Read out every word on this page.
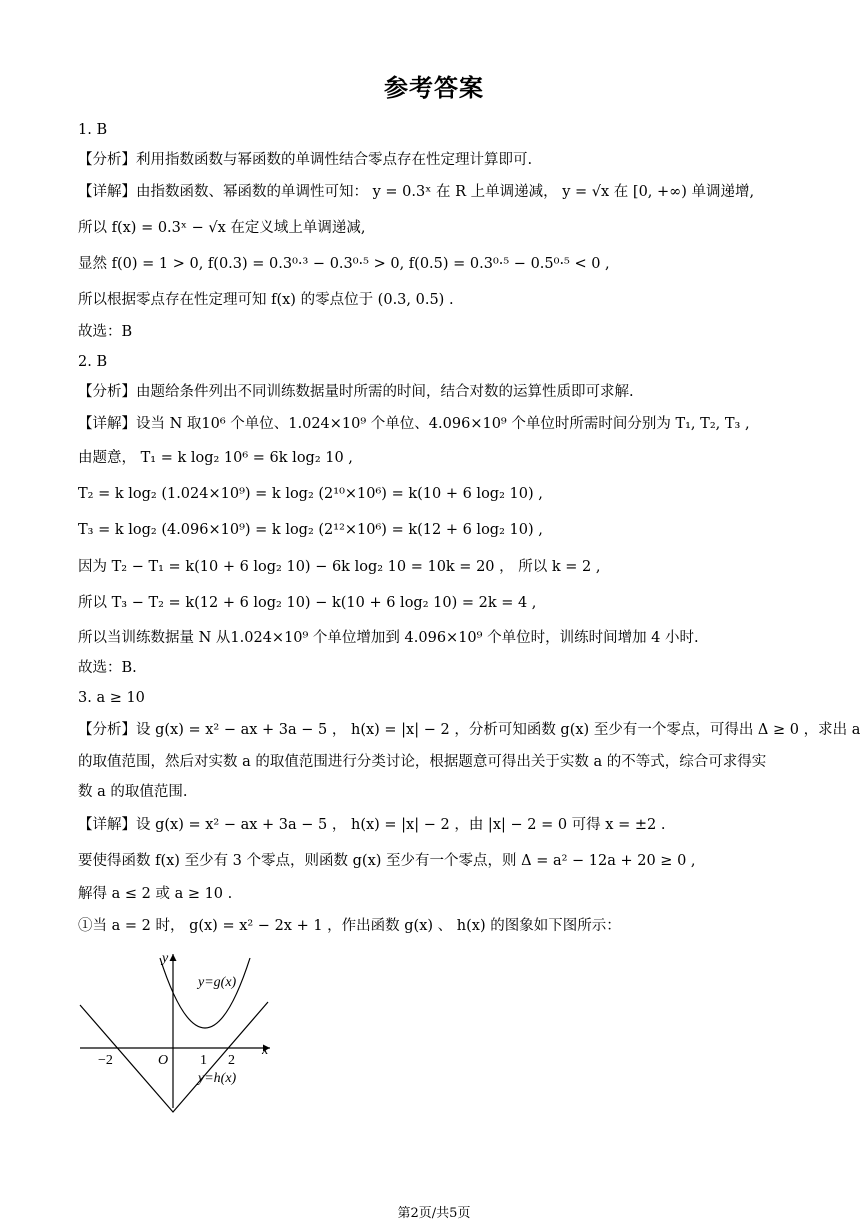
参考答案
1. B
【分析】利用指数函数与幂函数的单调性结合零点存在性定理计算即可.
【详解】由指数函数、幂函数的单调性可知： y = 0.3ˣ 在 R 上单调递减， y = √x 在 [0, +∞) 单调递增,
所以 f(x) = 0.3ˣ − √x 在定义域上单调递减,
显然 f(0) = 1 > 0, f(0.3) = 0.3⁰·³ − 0.3⁰·⁵ > 0, f(0.5) = 0.3⁰·⁵ − 0.5⁰·⁵ < 0 ,
所以根据零点存在性定理可知 f(x) 的零点位于 (0.3, 0.5) .
故选：B
2. B
【分析】由题给条件列出不同训练数据量时所需的时间，结合对数的运算性质即可求解.
【详解】设当 N 取10⁶ 个单位、1.024×10⁹ 个单位、4.096×10⁹ 个单位时所需时间分别为 T₁, T₂, T₃ ,
由题意， T₁ = k log₂ 10⁶ = 6k log₂ 10 ,
T₂ = k log₂ (1.024×10⁹) = k log₂ (2¹⁰×10⁶) = k(10 + 6 log₂ 10) ,
T₃ = k log₂ (4.096×10⁹) = k log₂ (2¹²×10⁶) = k(12 + 6 log₂ 10) ,
因为 T₂ − T₁ = k(10 + 6 log₂ 10) − 6k log₂ 10 = 10k = 20 ， 所以 k = 2 ,
所以 T₃ − T₂ = k(12 + 6 log₂ 10) − k(10 + 6 log₂ 10) = 2k = 4 ,
所以当训练数据量 N 从1.024×10⁹ 个单位增加到 4.096×10⁹ 个单位时，训练时间增加 4 小时.
故选：B.
3. a ≥ 10
【分析】设 g(x) = x² − ax + 3a − 5 ， h(x) = |x| − 2 ，分析可知函数 g(x) 至少有一个零点，可得出 Δ ≥ 0 ，求出 a
的取值范围，然后对实数 a 的取值范围进行分类讨论，根据题意可得出关于实数 a 的不等式，综合可求得实
数 a 的取值范围.
【详解】设 g(x) = x² − ax + 3a − 5 ， h(x) = |x| − 2 ，由 |x| − 2 = 0 可得 x = ±2 .
要使得函数 f(x) 至少有 3 个零点，则函数 g(x) 至少有一个零点，则 Δ = a² − 12a + 20 ≥ 0 ,
解得 a ≤ 2 或 a ≥ 10 .
①当 a = 2 时， g(x) = x² − 2x + 1 ，作出函数 g(x) 、 h(x) 的图象如下图所示：
y=g(x)
y=h(x)
x
y
O
−2	1 2
第2页/共5页
